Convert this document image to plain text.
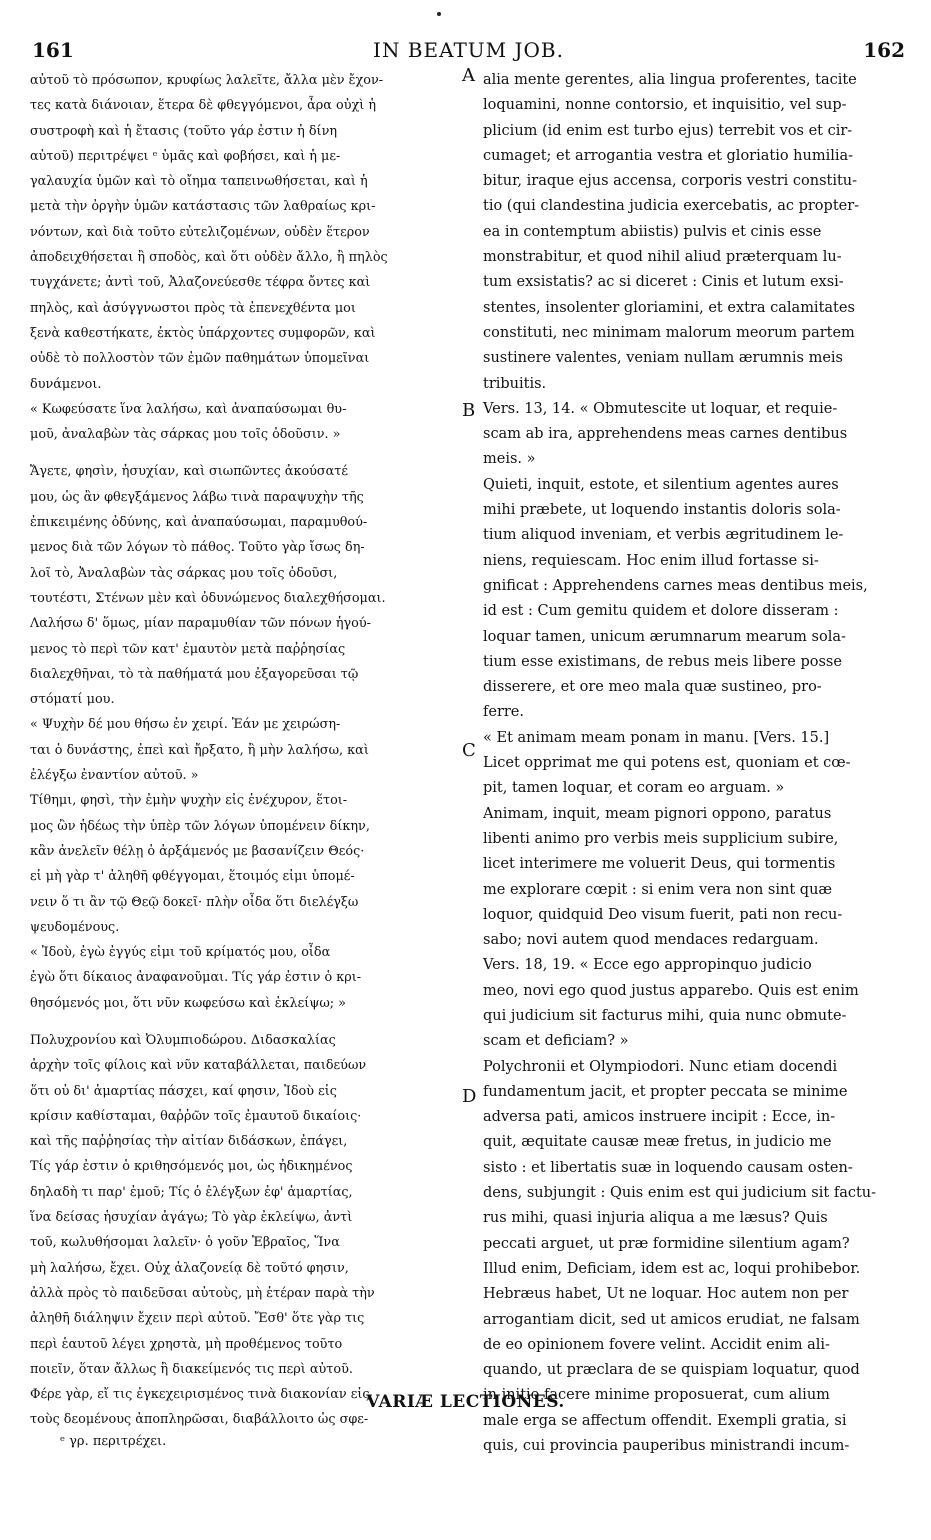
161	IN BEATUM JOB.	162

αὐτοῦ τὸ πρόσωπον, κρυφίως λαλεῖτε, ἄλλα μὲν ἔχον-

τες κατὰ διάνοιαν, ἕτερα δὲ φθεγγόμενοι, ἆρα οὐχὶ ἡ

συστροφὴ καὶ ἡ ἔτασις (τοῦτο γάρ ἐστιν ἡ δίνη

αὐτοῦ) περιτρέψει ᵉ ὑμᾶς καὶ φοβήσει, καὶ ἡ με-

γαλαυχία ὑμῶν καὶ τὸ οἴημα ταπεινωθήσεται, καὶ ἡ

μετὰ τὴν ὀργὴν ὑμῶν κατάστασις τῶν λαθραίως κρι-

νόντων, καὶ διὰ τοῦτο εὐτελιζομένων, οὐδὲν ἕτερον

ἀποδειχθήσεται ἢ σποδὸς, καὶ ὅτι οὐδὲν ἄλλο, ἢ πηλὸς

τυγχάνετε; ἀντὶ τοῦ, Ἀλαζονεύεσθε τέφρα ὄντες καὶ

πηλὸς, καὶ ἀσύγγνωστοι πρὸς τὰ ἐπενεχθέντα μοι

ξενὰ καθεστήκατε, ἐκτὸς ὑπάρχοντες συμφορῶν, καὶ

οὐδὲ τὸ πολλοστὸν τῶν ἐμῶν παθημάτων ὑπομεῖναι

δυνάμενοι.

« Κωφεύσατε ἵνα λαλήσω, καὶ ἀναπαύσωμαι θυ-

μοῦ, ἀναλαβὼν τὰς σάρκας μου τοῖς ὀδοῦσιν. »

Ἄγετε, φησὶν, ἡσυχίαν, καὶ σιωπῶντες ἀκούσατέ

μου, ὡς ἂν φθεγξάμενος λάβω τινὰ παραψυχὴν τῆς

ἐπικειμένης ὀδύνης, καὶ ἀναπαύσωμαι, παραμυθού-

μενος διὰ τῶν λόγων τὸ πάθος. Τοῦτο γὰρ ἴσως δη-

λοῖ τὸ, Ἀναλαβὼν τὰς σάρκας μου τοῖς ὀδοῦσι,

τουτέστι, Στένων μὲν καὶ ὀδυνώμενος διαλεχθήσομαι.

Λαλήσω δ' ὅμως, μίαν παραμυθίαν τῶν πόνων ἡγού-

μενος τὸ περὶ τῶν κατ' ἐμαυτὸν μετὰ παῤῥησίας

διαλεχθῆναι, τὸ τὰ παθήματά μου ἐξαγορεῦσαι τῷ

στόματί μου.

« Ψυχὴν δέ μου θήσω ἐν χειρί. Ἐάν με χειρώση-

ται ὁ δυνάστης, ἐπεὶ καὶ ἤρξατο, ἢ μὴν λαλήσω, καὶ

ἐλέγξω ἐναντίον αὐτοῦ. »

Τίθημι, φησὶ, τὴν ἐμὴν ψυχὴν εἰς ἐνέχυρον, ἕτοι-

μος ὢν ἡδέως τὴν ὑπὲρ τῶν λόγων ὑπομένειν δίκην,

κἂν ἀνελεῖν θέλῃ ὁ ἀρξάμενός με βασανίζειν Θεός·

εἰ μὴ γὰρ τ' ἀληθῆ φθέγγομαι, ἕτοιμός εἰμι ὑπομέ-

νειν ὅ τι ἂν τῷ Θεῷ δοκεῖ· πλὴν οἶδα ὅτι διελέγξω

ψευδομένους.

« Ἰδοὺ, ἐγὼ ἐγγύς εἰμι τοῦ κρίματός μου, οἶδα

ἐγὼ ὅτι δίκαιος ἀναφανοῦμαι. Τίς γάρ ἐστιν ὁ κρι-

θησόμενός μοι, ὅτι νῦν κωφεύσω καὶ ἐκλείψω; »

Πολυχρονίου καὶ Ὀλυμπιοδώρου. Διδασκαλίας

ἀρχὴν τοῖς φίλοις καὶ νῦν καταβάλλεται, παιδεύων

ὅτι οὐ δι' ἁμαρτίας πάσχει, καί φησιν, Ἰδοὺ εἰς

κρίσιν καθίσταμαι, θαῤῥῶν τοῖς ἐμαυτοῦ δικαίοις·

καὶ τῆς παῤῥησίας τὴν αἰτίαν διδάσκων, ἐπάγει,

Τίς γάρ ἐστιν ὁ κριθησόμενός μοι, ὡς ἠδικημένος

δηλαδὴ τι παρ' ἐμοῦ; Τίς ὁ ἐλέγξων ἐφ' ἁμαρτίας,

ἵνα δείσας ἡσυχίαν ἀγάγω; Τὸ γὰρ ἐκλείψω, ἀντὶ

τοῦ, κωλυθήσομαι λαλεῖν· ὁ γοῦν Ἑβραῖος, Ἵνα

μὴ λαλήσω, ἔχει. Οὐχ ἀλαζονείᾳ δὲ τοῦτό φησιν,

ἀλλὰ πρὸς τὸ παιδεῦσαι αὐτοὺς, μὴ ἑτέραν παρὰ τὴν

ἀληθῆ διάληψιν ἔχειν περὶ αὐτοῦ. Ἔσθ' ὅτε γὰρ τις

περὶ ἑαυτοῦ λέγει χρηστὰ, μὴ προθέμενος τοῦτο

ποιεῖν, ὅταν ἄλλως ἢ διακείμενός τις περὶ αὐτοῦ.

Φέρε γὰρ, εἴ τις ἐγκεχειρισμένος τινὰ διακονίαν εἰς

τοὺς δεομένους ἀποπληρῶσαι, διαβάλλοιτο ὡς σφε-

alia mente gerentes, alia lingua proferentes, tacite

loquamini, nonne contorsio, et inquisitio, vel sup-

plicium (id enim est turbo ejus) terrebit vos et cir-

cumaget; et arrogantia vestra et gloriatio humilia-

bitur, iraque ejus accensa, corporis vestri constitu-

tio (qui clandestina judicia exercebatis, ac propter-

ea in contemptum abiistis) pulvis et cinis esse

monstrabitur, et quod nihil aliud præterquam lu-

tum exsistatis? ac si diceret : Cinis et lutum exsi-

stentes, insolenter gloriamini, et extra calamitates

constituti, nec minimam malorum meorum partem

sustinere valentes, veniam nullam ærumnis meis

tribuitis.

Vers. 13, 14. « Obmutescite ut loquar, et requie-

scam ab ira, apprehendens meas carnes dentibus

meis. »

Quieti, inquit, estote, et silentium agentes aures

mihi præbete, ut loquendo instantis doloris sola-

tium aliquod inveniam, et verbis ægritudinem le-

niens, requiescam. Hoc enim illud fortasse si-

gnificat : Apprehendens carnes meas dentibus meis,

id est : Cum gemitu quidem et dolore disseram :

loquar tamen, unicum ærumnarum mearum sola-

tium esse existimans, de rebus meis libere posse

disserere, et ore meo mala quæ sustineo, pro-

ferre.

« Et animam meam ponam in manu. [Vers. 15.]

Licet opprimat me qui potens est, quoniam et cœ-

pit, tamen loquar, et coram eo arguam. »

Animam, inquit, meam pignori oppono, paratus

libenti animo pro verbis meis supplicium subire,

licet interimere me voluerit Deus, qui tormentis

me explorare cœpit : si enim vera non sint quæ

loquor, quidquid Deo visum fuerit, pati non recu-

sabo; novi autem quod mendaces redarguam.

Vers. 18, 19. « Ecce ego appropinquo judicio

meo, novi ego quod justus apparebo. Quis est enim

qui judicium sit facturus mihi, quia nunc obmute-

scam et deficiam? »

Polychronii et Olympiodori. Nunc etiam docendi

fundamentum jacit, et propter peccata se minime

adversa pati, amicos instruere incipit : Ecce, in-

quit, æquitate causæ meæ fretus, in judicio me

sisto : et libertatis suæ in loquendo causam osten-

dens, subjungit : Quis enim est qui judicium sit factu-

rus mihi, quasi injuria aliqua a me læsus? Quis

peccati arguet, ut præ formidine silentium agam?

Illud enim, Deficiam, idem est ac, loqui prohibebor.

Hebræus habet, Ut ne loquar. Hoc autem non per

arrogantiam dicit, sed ut amicos erudiat, ne falsam

de eo opinionem fovere velint. Accidit enim ali-

quando, ut præclara de se quispiam loquatur, quod

in initio facere minime proposuerat, cum alium

male erga se affectum offendit. Exempli gratia, si

quis, cui provincia pauperibus ministrandi incum-

A
B
C
D
VARIÆ LECTIONES.
ᵉ γρ. περιτρέχει.
